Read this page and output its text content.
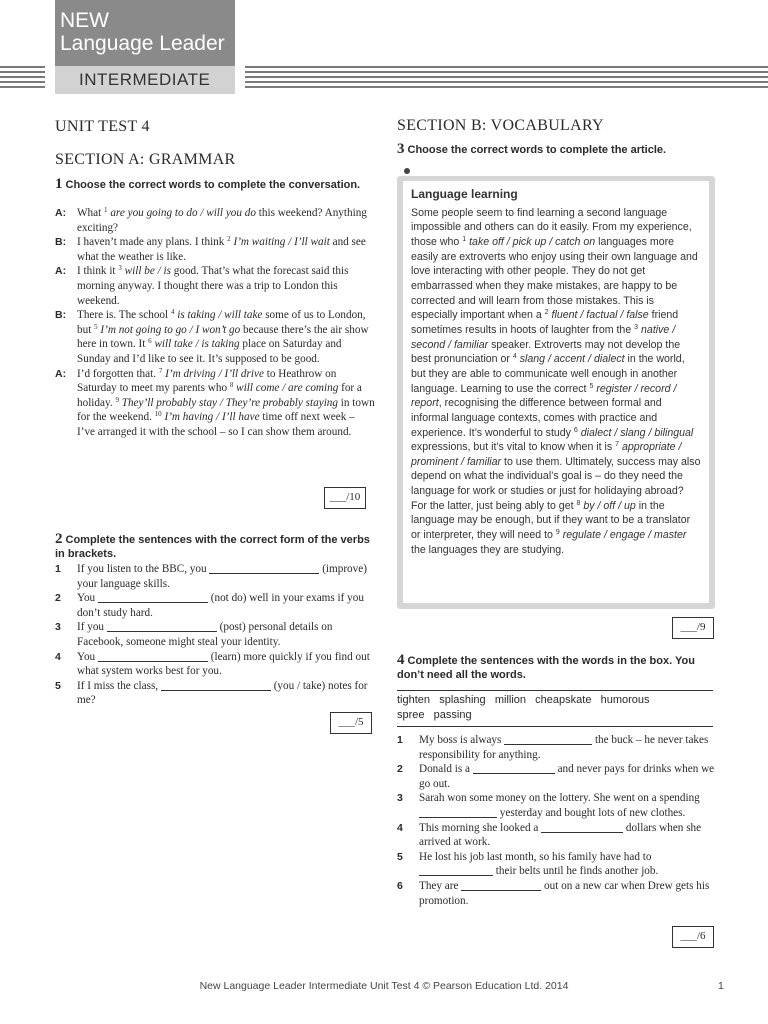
NEW
Language Leader
INTERMEDIATE
UNIT TEST 4
SECTION A: GRAMMAR
1 Choose the correct words to complete the conversation.
A: What $^1$ are you going to do / will you do this weekend? Anything exciting?
B: I haven’t made any plans. I think $^2$ I’m waiting / I’ll wait and see what the weather is like.
A: I think it $^3$ will be / is good. That’s what the forecast said this morning anyway. I thought there was a trip to London this weekend.
B: There is. The school $^4$ is taking / will take some of us to London, but $^5$ I’m not going to go / I won’t go because there’s the air show here in town. It $^6$ will take / is taking place on Saturday and Sunday and I’d like to see it. It’s supposed to be good.
A: I’d forgotten that. $^7$ I’m driving / I’ll drive to Heathrow on Saturday to meet my parents who $^8$ will come / are coming for a holiday. $^9$ They’ll probably stay / They’re probably staying in town for the weekend. $^{10}$ I’m having / I’ll have time off next week – I’ve arranged it with the school – so I can show them around.
___/10
2 Complete the sentences with the correct form of the verbs in brackets.
1	If you listen to the BBC, you	(improve) your language skills.
2	You	(not do) well in your exams if you don’t study hard.
3	If you	(post) personal details on Facebook, someone might steal your identity.
4	You	(learn) more quickly if you find out what system works best for you.
5	If I miss the class,	(you / take) notes for me?
___/5
SECTION B: VOCABULARY
3 Choose the correct words to complete the article.
Language learning
Some people seem to find learning a second language impossible and others can do it easily. From my experience, those who $^1$ take off / pick up / catch on languages more easily are extroverts who enjoy using their own language and love interacting with other people. They do not get embarrassed when they make mistakes, are happy to be corrected and will learn from those mistakes. This is especially important when a $^2$ fluent / factual / false friend sometimes results in hoots of laughter from the $^3$ native / second / familiar speaker. Extroverts may not develop the best pronunciation or $^4$ slang / accent / dialect in the world, but they are able to communicate well enough in another language. Learning to use the correct $^5$ register / record / report, recognising the difference between formal and informal language contexts, comes with practice and experience. It’s wonderful to study $^6$ dialect / slang / bilingual expressions, but it’s vital to know when it is $^7$ appropriate / prominent / familiar to use them. Ultimately, success may also depend on what the individual’s goal is – do they need the language for work or studies or just for holidaying abroad? For the latter, just being ably to get $^8$ by / off / up in the language may be enough, but if they want to be a translator or interpreter, they will need to $^9$ regulate / engage / master the languages they are studying.
___/9
4 Complete the sentences with the words in the box. You don’t need all the words.
tighten   splashing   million   cheapskate   humorous
spree   passing
1	My boss is always	the buck – he never takes responsibility for anything.
2	Donald is a	and never pays for drinks when we go out.
3	Sarah won some money on the lottery. She went on a spending  yesterday and bought lots of new clothes.
4	This morning she looked a	dollars when she arrived at work.
5	He lost his job last month, so his family have had to  their belts until he finds another job.
6	They are	out on a new car when Drew gets his promotion.
___/6
New Language Leader Intermediate Unit Test 4 © Pearson Education Ltd. 2014	1
